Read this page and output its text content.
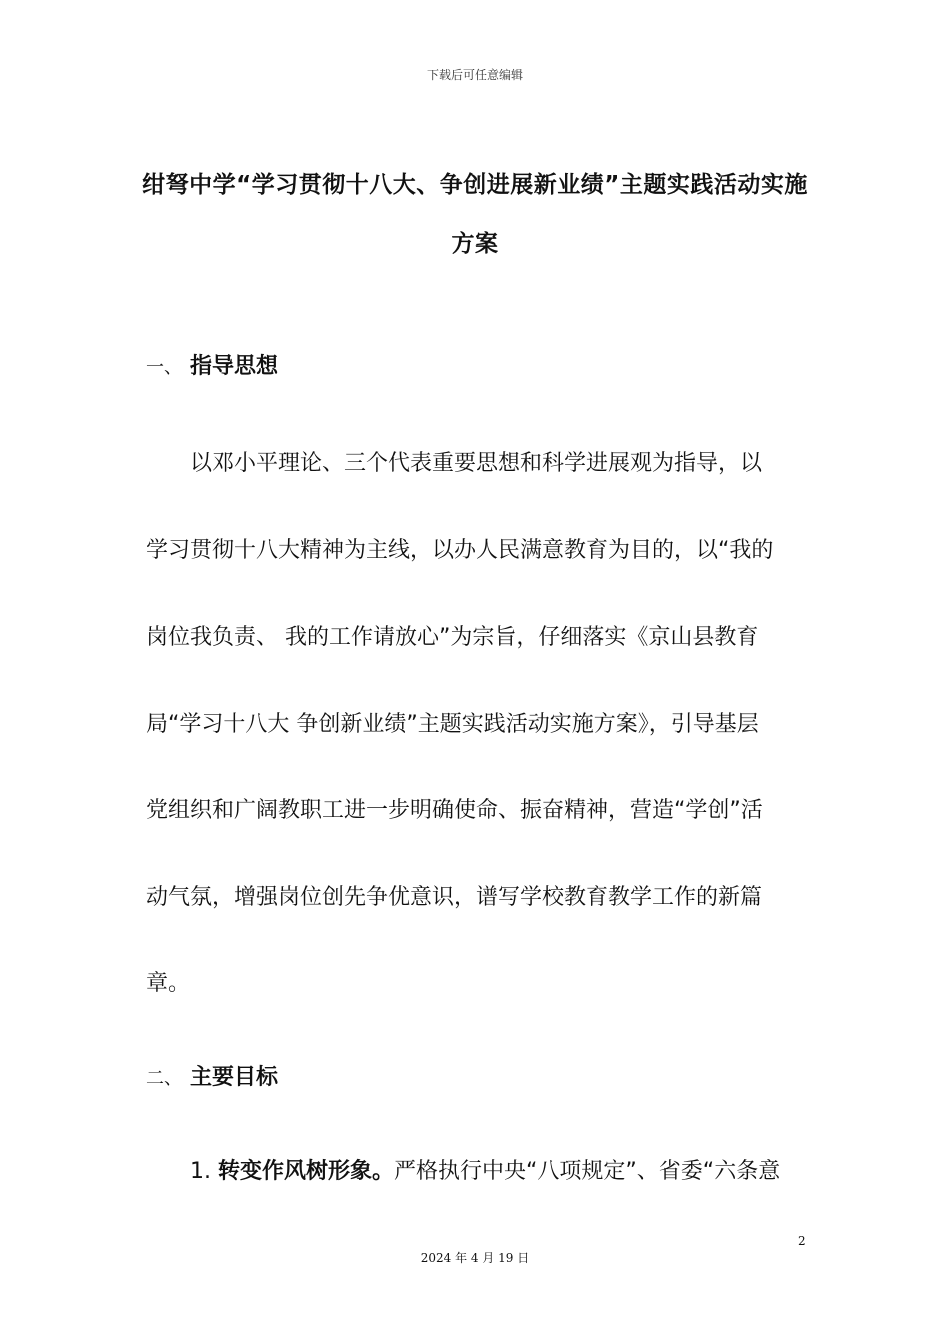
下载后可任意编辑
绀弩中学“学习贯彻十八大、争创进展新业绩”主题实践活动实施
方案
一、 指导思想
以邓小平理论、三个代表重要思想和科学进展观为指导，以
学习贯彻十八大精神为主线，以办人民满意教育为目的，以“我的
岗位我负责、 我的工作请放心”为宗旨，仔细落实《京山县教育
局“学习十八大 争创新业绩”主题实践活动实施方案》，引导基层
党组织和广阔教职工进一步明确使命、振奋精神，营造“学创”活
动气氛，增强岗位创先争优意识，谱写学校教育教学工作的新篇
章。
二、 主要目标
1. 转变作风树形象。严格执行中央“八项规定”、省委“六条意
2
2024 年 4 月 19 日
